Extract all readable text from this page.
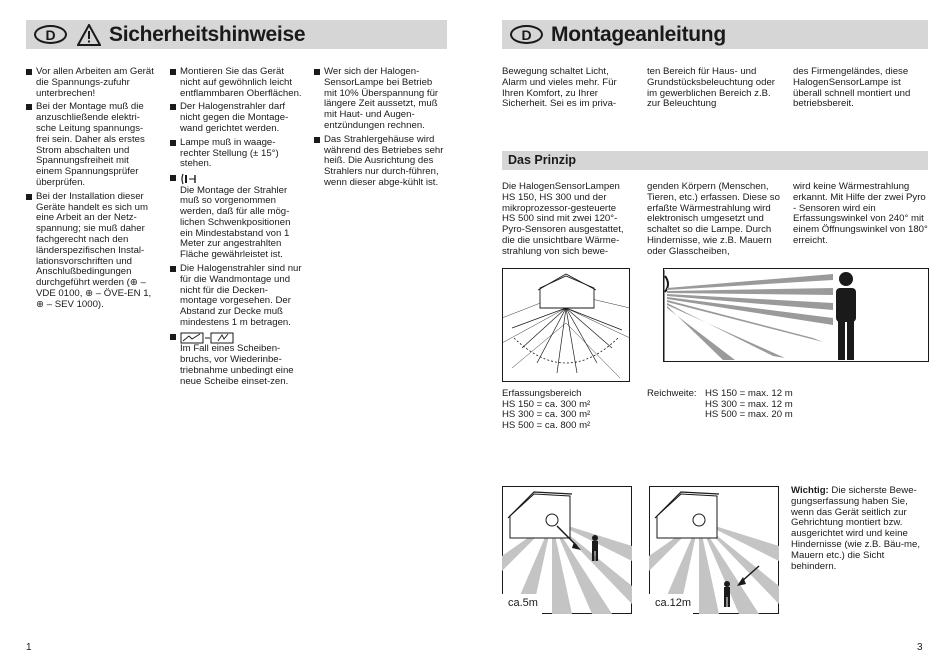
D	Sicherheitshinweise	D Montageanleitung
Vor allen Arbeiten am Gerät die Spannungs-zufuhr unterbrechen!
Bei der Montage muß die anzuschließende elektri-sche Leitung spannungs-frei sein. Daher als erstes Strom abschalten und Spannungsfreiheit mit einem Spannungsprüfer überprüfen.
Bei der Installation dieser Geräte handelt es sich um eine Arbeit an der Netz-spannung; sie muß daher fachgerecht nach den länderspezifischen Instal-lationsvorschriften und Anschlußbedingungen durchgeführt werden (⊕ – VDE 0100, ⊕ – ÖVE-EN 1, ⊕ – SEV 1000).
Montieren Sie das Gerät nicht auf gewöhnlich leicht entflammbaren Oberflächen.
Der Halogenstrahler darf nicht gegen die Montage-wand gerichtet werden.
Lampe muß in waage-rechter Stellung (± 15°) stehen.
Die Montage der Strahler muß so vorgenommen werden, daß für alle mög-lichen Schwenkpositionen ein Mindestabstand von 1 Meter zur angestrahlten Fläche gewährleistet ist.
Die Halogenstrahler sind nur für die Wandmontage und nicht für die Decken-montage vorgesehen. Der Abstand zur Decke muß mindestens 1 m betragen.
Im Fall eines Scheiben-bruchs, vor Wiederinbe-triebnahme unbedingt eine neue Scheibe einset-zen.
Wer sich der Halogen-SensorLampe bei Betrieb mit 10% Überspannung für längere Zeit aussetzt, muß mit Haut- und Augen-entzündungen rechnen.
Das Strahlergehäuse wird während des Betriebes sehr heiß. Die Ausrichtung des Strahlers nur durch-führen, wenn dieser abge-kühlt ist.
1
Bewegung schaltet Licht, Alarm und vieles mehr. Für Ihren Komfort, zu Ihrer Sicherheit. Sei es im priva-
ten Bereich für Haus- und Grundstücksbeleuchtung oder im gewerblichen Bereich z.B. zur Beleuchtung
des Firmengeländes, diese HalogenSensorLampe ist überall schnell montiert und betriebsbereit.
Das Prinzip
Die HalogenSensorLampen HS 150, HS 300 und der mikroprozessor-gesteuerte HS 500 sind mit zwei 120°-Pyro-Sensoren ausgestattet, die die unsichtbare Wärme-strahlung von sich bewe-
genden Körpern (Menschen, Tieren, etc.) erfassen. Diese so erfaßte Wärmestrahlung wird elektronisch umgesetzt und schaltet so die Lampe. Durch Hindernisse, wie z.B. Mauern oder Glasscheiben,
wird keine Wärmestrahlung erkannt. Mit Hilfe der zwei Pyro - Sensoren wird ein Erfassungswinkel von 240° mit einem Öffnungswinkel von 180° erreicht.
Erfassungsbereich
HS 150 = ca. 300 m²
HS 300 = ca. 300 m²
HS 500 = ca. 800 m²
Reichweite: HS 150 = max. 12 m
HS 300 = max. 12 m
HS 500 = max. 20 m
ca.5m	ca.12m
Wichtig: Die sicherste Bewe-gungserfassung haben Sie, wenn das Gerät seitlich zur Gehrichtung montiert bzw. ausgerichtet wird und keine Hindernisse (wie z.B. Bäu-me, Mauern etc.) die Sicht behindern.
3
